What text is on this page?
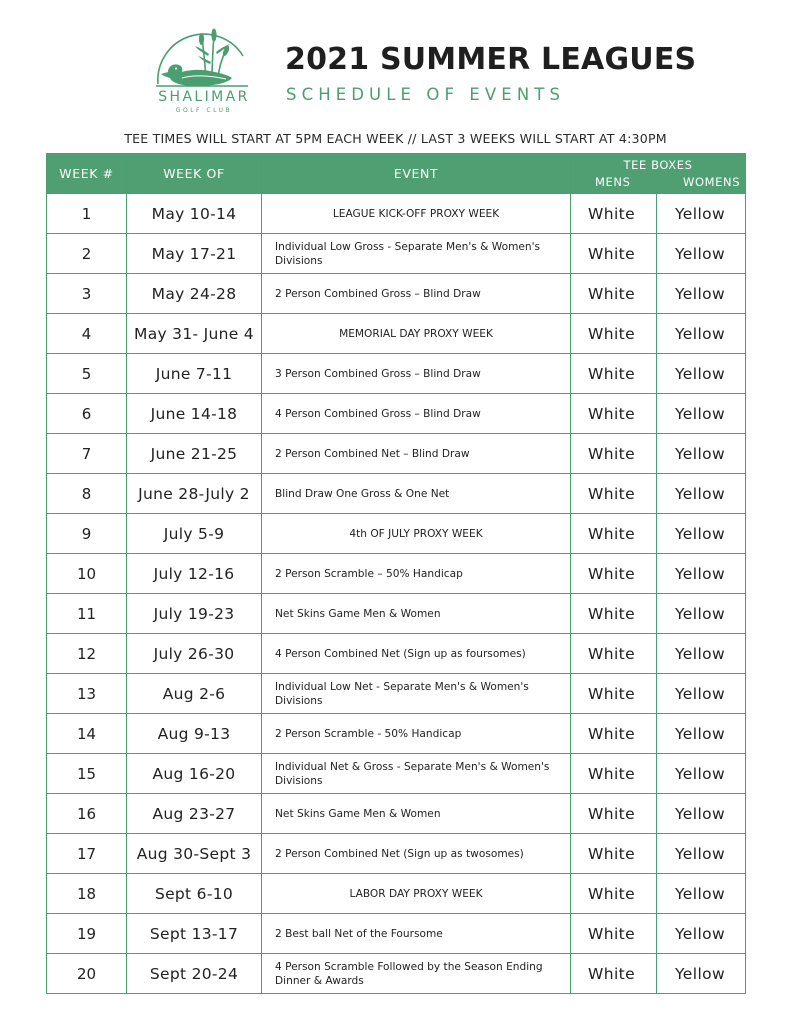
SHALIMAR
GOLF CLUB
2021 SUMMER LEAGUES
SCHEDULE OF EVENTS
TEE TIMES WILL START AT 5PM EACH WEEK // LAST 3 WEEKS WILL START AT 4:30PM
WEEK #	WEEK OF	EVENT	TEE BOXES
MENS WOMENS	

1	May 10-14	LEAGUE KICK-OFF PROXY WEEK	White	Yellow
2	May 17-21	Individual Low Gross - Separate Men's & Women's Divisions	White	Yellow
3	May 24-28	2 Person Combined Gross – Blind Draw	White	Yellow
4	May 31- June 4	MEMORIAL DAY PROXY WEEK	White	Yellow
5	June 7-11	3 Person Combined Gross – Blind Draw	White	Yellow
6	June 14-18	4 Person Combined Gross – Blind Draw	White	Yellow
7	June 21-25	2 Person Combined Net – Blind Draw	White	Yellow
8	June 28-July 2	Blind Draw One Gross & One Net	White	Yellow
9	July 5-9	4th OF JULY PROXY WEEK	White	Yellow
10	July 12-16	2 Person Scramble – 50% Handicap	White	Yellow
11	July 19-23	Net Skins Game Men & Women	White	Yellow
12	July 26-30	4 Person Combined Net (Sign up as foursomes)	White	Yellow
13	Aug 2-6	Individual Low Net - Separate Men's & Women's Divisions	White	Yellow
14	Aug 9-13	2 Person Scramble - 50% Handicap	White	Yellow
15	Aug 16-20	Individual Net & Gross - Separate Men's & Women's Divisions	White	Yellow
16	Aug 23-27	Net Skins Game Men & Women	White	Yellow
17	Aug 30-Sept 3	2 Person Combined Net (Sign up as twosomes)	White	Yellow
18	Sept 6-10	LABOR DAY PROXY WEEK	White	Yellow
19	Sept 13-17	2 Best ball Net of the Foursome	White	Yellow
20	Sept 20-24	4 Person Scramble Followed by the Season Ending Dinner & Awards	White	Yellow
